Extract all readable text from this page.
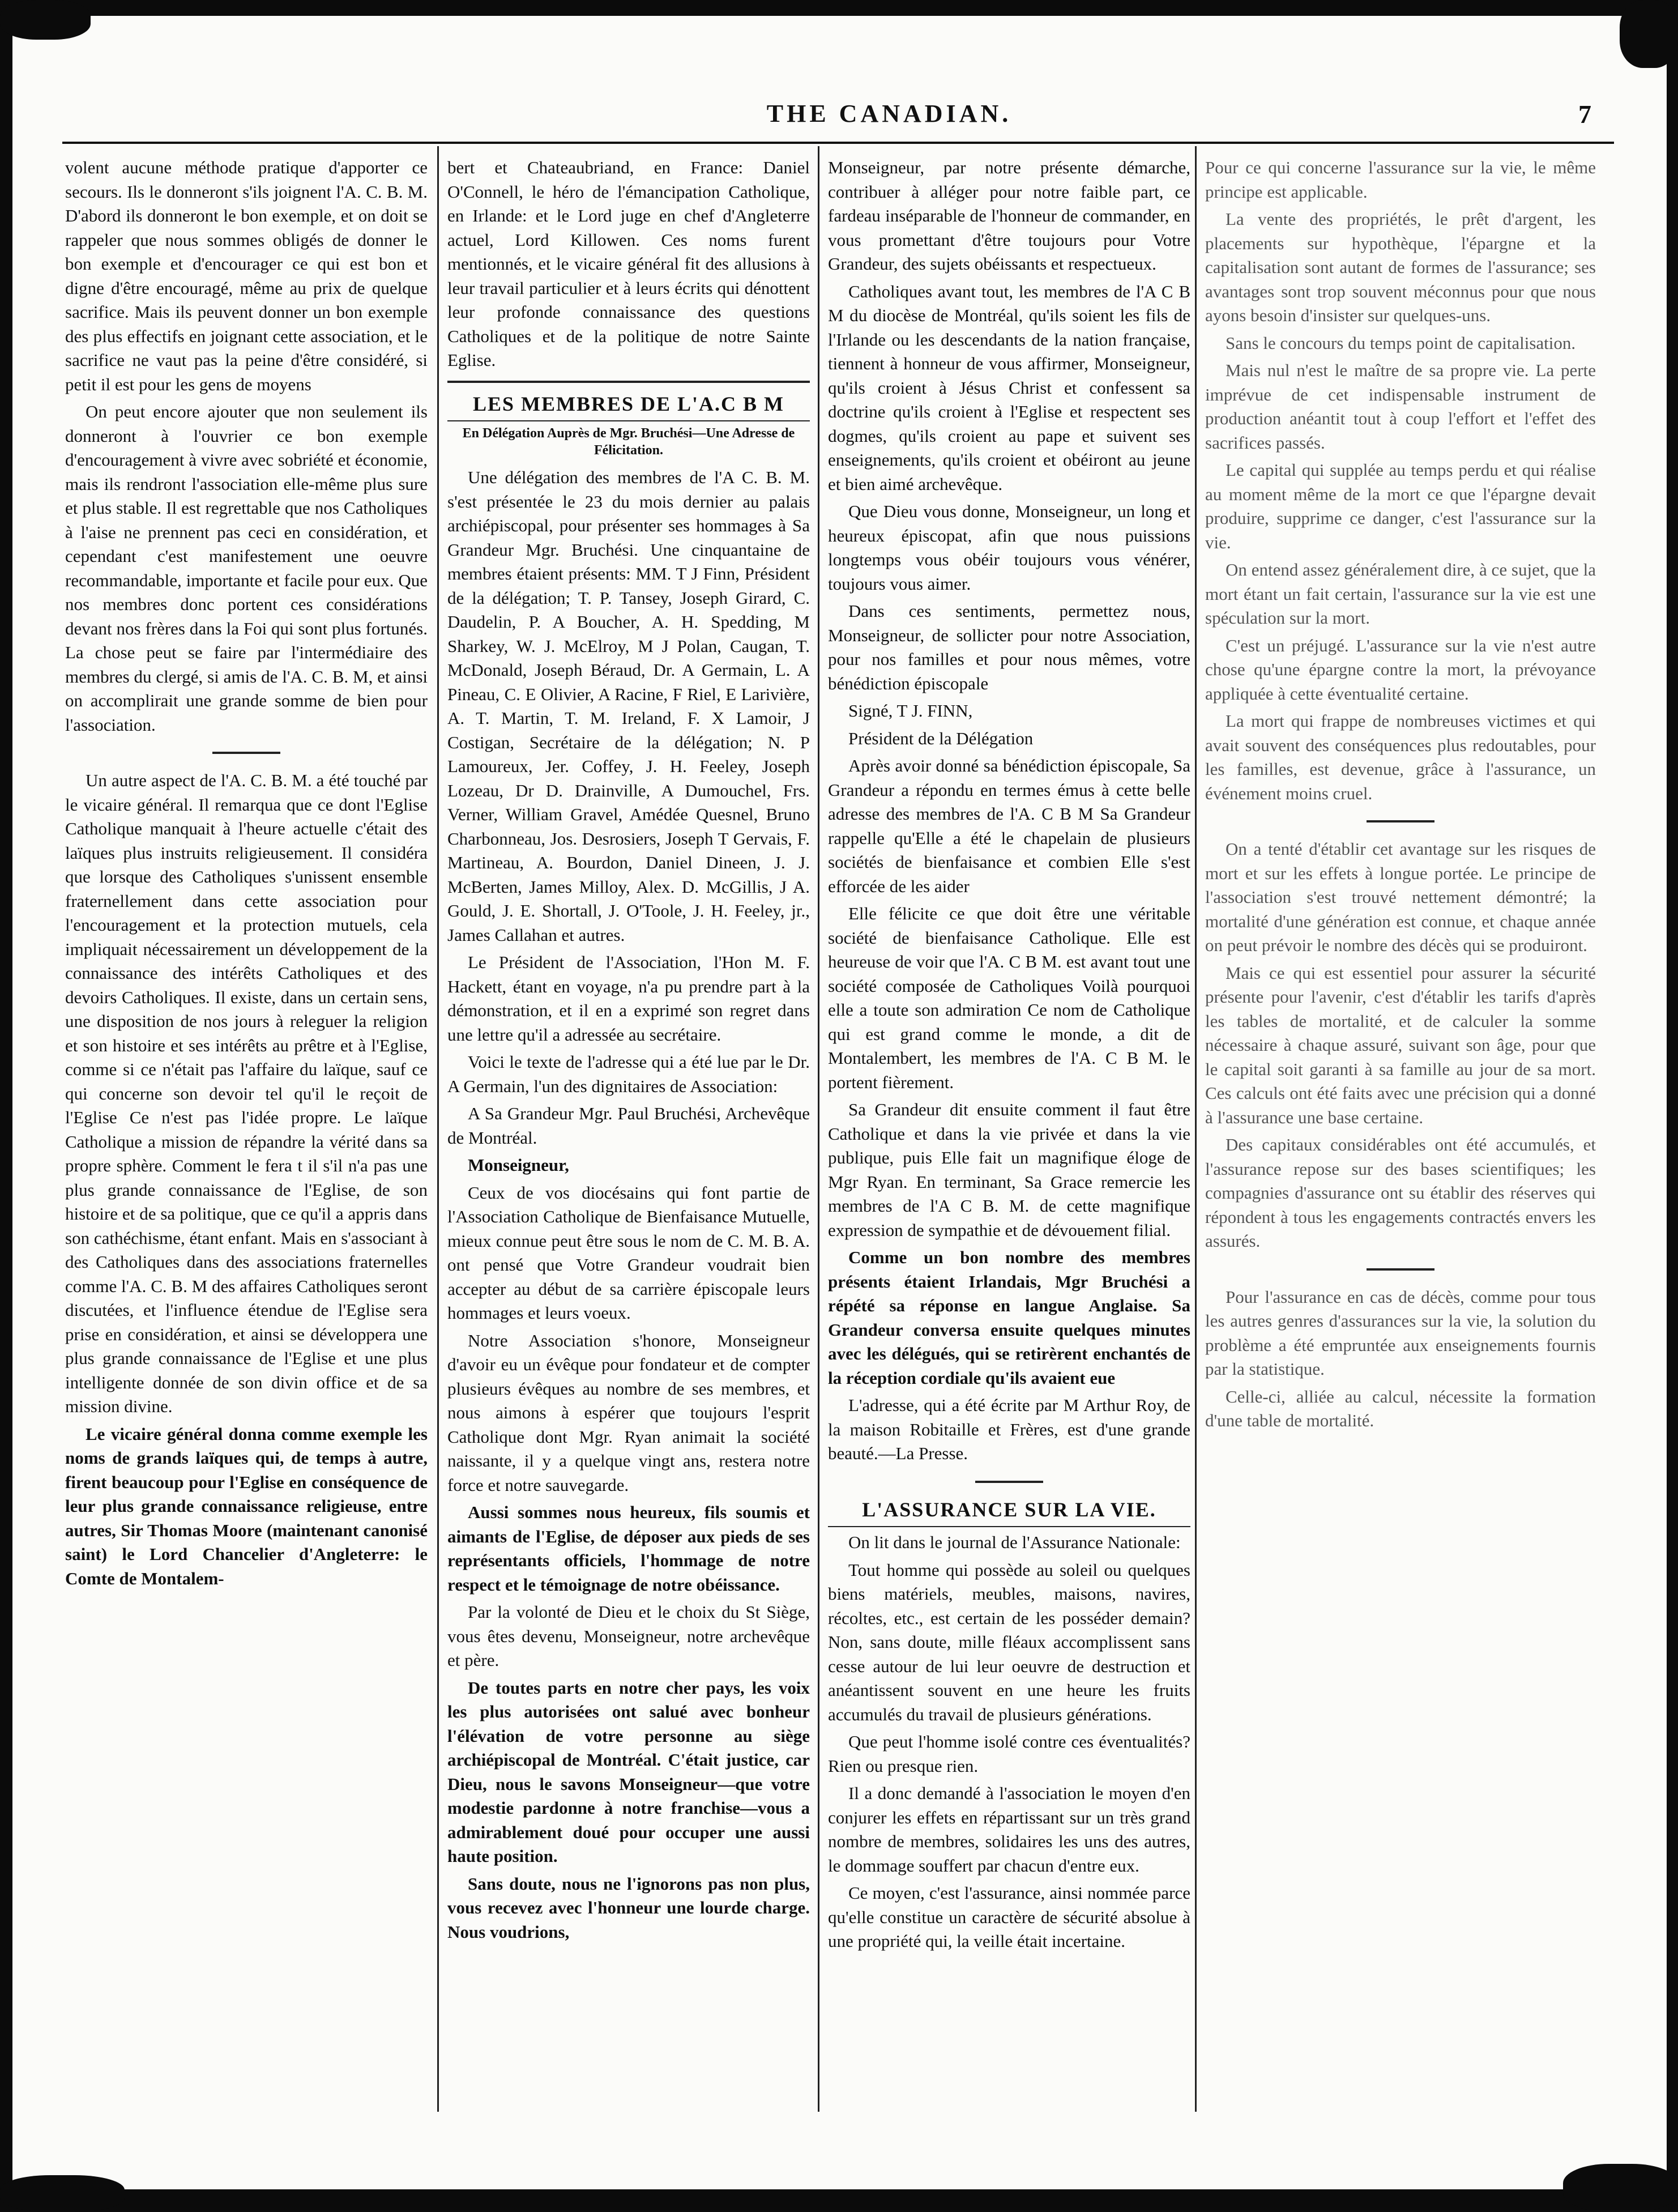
THE CANADIAN.	7

volent aucune méthode pratique d'apporter ce secours. Ils le donneront s'ils joignent l'A. C. B. M. D'abord ils donneront le bon exemple, et on doit se rappeler que nous sommes obligés de donner le bon exemple et d'encourager ce qui est bon et digne d'être encouragé, même au prix de quelque sacrifice. Mais ils peuvent donner un bon exemple des plus effectifs en joignant cette association, et le sacrifice ne vaut pas la peine d'être considéré, si petit il est pour les gens de moyens

On peut encore ajouter que non seulement ils donneront à l'ouvrier ce bon exemple d'encouragement à vivre avec sobriété et économie, mais ils rendront l'association elle-même plus sure et plus stable. Il est regrettable que nos Catholiques à l'aise ne prennent pas ceci en considération, et cependant c'est manifestement une oeuvre recommandable, importante et facile pour eux. Que nos membres donc portent ces considérations devant nos frères dans la Foi qui sont plus fortunés. La chose peut se faire par l'intermédiaire des membres du clergé, si amis de l'A. C. B. M, et ainsi on accomplirait une grande somme de bien pour l'association.

Un autre aspect de l'A. C. B. M. a été touché par le vicaire général. Il remarqua que ce dont l'Eglise Catholique manquait à l'heure actuelle c'était des laïques plus instruits religieusement. Il considéra que lorsque des Catholiques s'unissent ensemble fraternellement dans cette association pour l'encouragement et la protection mutuels, cela impliquait nécessairement un développement de la connaissance des intérêts Catholiques et des devoirs Catholiques. Il existe, dans un certain sens, une disposition de nos jours à releguer la religion et son histoire et ses intérêts au prêtre et à l'Eglise, comme si ce n'était pas l'affaire du laïque, sauf ce qui concerne son devoir tel qu'il le reçoit de l'Eglise Ce n'est pas l'idée propre. Le laïque Catholique a mission de répandre la vérité dans sa propre sphère. Comment le fera t il s'il n'a pas une plus grande connaissance de l'Eglise, de son histoire et de sa politique, que ce qu'il a appris dans son cathéchisme, étant enfant. Mais en s'associant à des Catholiques dans des associations fraternelles comme l'A. C. B. M des affaires Catholiques seront discutées, et l'influence étendue de l'Eglise sera prise en considération, et ainsi se développera une plus grande connaissance de l'Eglise et une plus intelligente donnée de son divin office et de sa mission divine.

Le vicaire général donna comme exemple les noms de grands laïques qui, de temps à autre, firent beaucoup pour l'Eglise en conséquence de leur plus grande connaissance religieuse, entre autres, Sir Thomas Moore (maintenant canonisé saint) le Lord Chancelier d'Angleterre: le Comte de Montalem-

bert et Chateaubriand, en France: Daniel O'Connell, le héro de l'émancipation Catholique, en Irlande: et le Lord juge en chef d'Angleterre actuel, Lord Killowen. Ces noms furent mentionnés, et le vicaire général fit des allusions à leur travail particulier et à leurs écrits qui dénottent leur profonde connaissance des questions Catholiques et de la politique de notre Sainte Eglise.

LES MEMBRES DE L'A.C B M
En Délégation Auprès de Mgr. Bruchési—Une Adresse de Félicitation.

Une délégation des membres de l'A C. B. M. s'est présentée le 23 du mois dernier au palais archiépiscopal, pour présenter ses hommages à Sa Grandeur Mgr. Bruchési. Une cinquantaine de membres étaient présents: MM. T J Finn, Président de la délégation; T. P. Tansey, Joseph Girard, C. Daudelin, P. A Boucher, A. H. Spedding, M Sharkey, W. J. McElroy, M J Polan, Caugan, T. McDonald, Joseph Béraud, Dr. A Germain, L. A Pineau, C. E Olivier, A Racine, F Riel, E Larivière, A. T. Martin, T. M. Ireland, F. X Lamoir, J Costigan, Secrétaire de la délégation; N. P Lamoureux, Jer. Coffey, J. H. Feeley, Joseph Lozeau, Dr D. Drainville, A Dumouchel, Frs. Verner, William Gravel, Amédée Quesnel, Bruno Charbonneau, Jos. Desrosiers, Joseph T Gervais, F. Martineau, A. Bourdon, Daniel Dineen, J. J. McBerten, James Milloy, Alex. D. McGillis, J A. Gould, J. E. Shortall, J. O'Toole, J. H. Feeley, jr., James Callahan et autres.

Le Président de l'Association, l'Hon M. F. Hackett, étant en voyage, n'a pu prendre part à la démonstration, et il en a exprimé son regret dans une lettre qu'il a adressée au secrétaire.

Voici le texte de l'adresse qui a été lue par le Dr. A Germain, l'un des dignitaires de Association:

A Sa Grandeur Mgr. Paul Bruchési, Archevêque de Montréal.

Monseigneur,

Ceux de vos diocésains qui font partie de l'Association Catholique de Bienfaisance Mutuelle, mieux connue peut être sous le nom de C. M. B. A. ont pensé que Votre Grandeur voudrait bien accepter au début de sa carrière épiscopale leurs hommages et leurs voeux.

Notre Association s'honore, Monseigneur d'avoir eu un évêque pour fondateur et de compter plusieurs évêques au nombre de ses membres, et nous aimons à espérer que toujours l'esprit Catholique dont Mgr. Ryan animait la société naissante, il y a quelque vingt ans, restera notre force et notre sauvegarde.

Aussi sommes nous heureux, fils soumis et aimants de l'Eglise, de déposer aux pieds de ses représentants officiels, l'hommage de notre respect et le témoignage de notre obéissance.

Par la volonté de Dieu et le choix du St Siège, vous êtes devenu, Monseigneur, notre archevêque et père.

De toutes parts en notre cher pays, les voix les plus autorisées ont salué avec bonheur l'élévation de votre personne au siège archiépiscopal de Montréal. C'était justice, car Dieu, nous le savons Monseigneur—que votre modestie pardonne à notre franchise—vous a admirablement doué pour occuper une aussi haute position.

Sans doute, nous ne l'ignorons pas non plus, vous recevez avec l'honneur une lourde charge. Nous voudrions,

Monseigneur, par notre présente démarche, contribuer à alléger pour notre faible part, ce fardeau inséparable de l'honneur de commander, en vous promettant d'être toujours pour Votre Grandeur, des sujets obéissants et respectueux.

Catholiques avant tout, les membres de l'A C B M du diocèse de Montréal, qu'ils soient les fils de l'Irlande ou les descendants de la nation française, tiennent à honneur de vous affirmer, Monseigneur, qu'ils croient à Jésus Christ et confessent sa doctrine qu'ils croient à l'Eglise et respectent ses dogmes, qu'ils croient au pape et suivent ses enseignements, qu'ils croient et obéiront au jeune et bien aimé archevêque.

Que Dieu vous donne, Monseigneur, un long et heureux épiscopat, afin que nous puissions longtemps vous obéir toujours vous vénérer, toujours vous aimer.

Dans ces sentiments, permettez nous, Monseigneur, de sollicter pour notre Association, pour nos familles et pour nous mêmes, votre bénédiction épiscopale

Signé, T J. FINN,

Président de la Délégation

Après avoir donné sa bénédiction épiscopale, Sa Grandeur a répondu en termes émus à cette belle adresse des membres de l'A. C B M Sa Grandeur rappelle qu'Elle a été le chapelain de plusieurs sociétés de bienfaisance et combien Elle s'est efforcée de les aider

Elle félicite ce que doit être une véritable société de bienfaisance Catholique. Elle est heureuse de voir que l'A. C B M. est avant tout une société composée de Catholiques Voilà pourquoi elle a toute son admiration Ce nom de Catholique qui est grand comme le monde, a dit de Montalembert, les membres de l'A. C B M. le portent fièrement.

Sa Grandeur dit ensuite comment il faut être Catholique et dans la vie privée et dans la vie publique, puis Elle fait un magnifique éloge de Mgr Ryan. En terminant, Sa Grace remercie les membres de l'A C B. M. de cette magnifique expression de sympathie et de dévouement filial.

Comme un bon nombre des membres présents étaient Irlandais, Mgr Bruchési a répété sa réponse en langue Anglaise. Sa Grandeur conversa ensuite quelques minutes avec les délégués, qui se retirèrent enchantés de la réception cordiale qu'ils avaient eue

L'adresse, qui a été écrite par M Arthur Roy, de la maison Robitaille et Frères, est d'une grande beauté.—La Presse.

L'ASSURANCE SUR LA VIE.

On lit dans le journal de l'Assurance Nationale:

Tout homme qui possède au soleil ou quelques biens matériels, meubles, maisons, navires, récoltes, etc., est certain de les posséder demain? Non, sans doute, mille fléaux accomplissent sans cesse autour de lui leur oeuvre de destruction et anéantissent souvent en une heure les fruits accumulés du travail de plusieurs générations.

Que peut l'homme isolé contre ces éventualités? Rien ou presque rien.

Il a donc demandé à l'association le moyen d'en conjurer les effets en répartissant sur un très grand nombre de membres, solidaires les uns des autres, le dommage souffert par chacun d'entre eux.

Ce moyen, c'est l'assurance, ainsi nommée parce qu'elle constitue un caractère de sécurité absolue à une propriété qui, la veille était incertaine.

Pour ce qui concerne l'assurance sur la vie, le même principe est applicable.

La vente des propriétés, le prêt d'argent, les placements sur hypothèque, l'épargne et la capitalisation sont autant de formes de l'assurance; ses avantages sont trop souvent méconnus pour que nous ayons besoin d'insister sur quelques-uns.

Sans le concours du temps point de capitalisation.

Mais nul n'est le maître de sa propre vie. La perte imprévue de cet indispensable instrument de production anéantit tout à coup l'effort et l'effet des sacrifices passés.

Le capital qui supplée au temps perdu et qui réalise au moment même de la mort ce que l'épargne devait produire, supprime ce danger, c'est l'assurance sur la vie.

On entend assez généralement dire, à ce sujet, que la mort étant un fait certain, l'assurance sur la vie est une spéculation sur la mort.

C'est un préjugé. L'assurance sur la vie n'est autre chose qu'une épargne contre la mort, la prévoyance appliquée à cette éventualité certaine.

La mort qui frappe de nombreuses victimes et qui avait souvent des conséquences plus redoutables, pour les familles, est devenue, grâce à l'assurance, un événement moins cruel.

On a tenté d'établir cet avantage sur les risques de mort et sur les effets à longue portée. Le principe de l'association s'est trouvé nettement démontré; la mortalité d'une génération est connue, et chaque année on peut prévoir le nombre des décès qui se produiront.

Mais ce qui est essentiel pour assurer la sécurité présente pour l'avenir, c'est d'établir les tarifs d'après les tables de mortalité, et de calculer la somme nécessaire à chaque assuré, suivant son âge, pour que le capital soit garanti à sa famille au jour de sa mort. Ces calculs ont été faits avec une précision qui a donné à l'assurance une base certaine.

Des capitaux considérables ont été accumulés, et l'assurance repose sur des bases scientifiques; les compagnies d'assurance ont su établir des réserves qui répondent à tous les engagements contractés envers les assurés.

Pour l'assurance en cas de décès, comme pour tous les autres genres d'assurances sur la vie, la solution du problème a été empruntée aux enseignements fournis par la statistique.

Celle-ci, alliée au calcul, nécessite la formation d'une table de mortalité.
